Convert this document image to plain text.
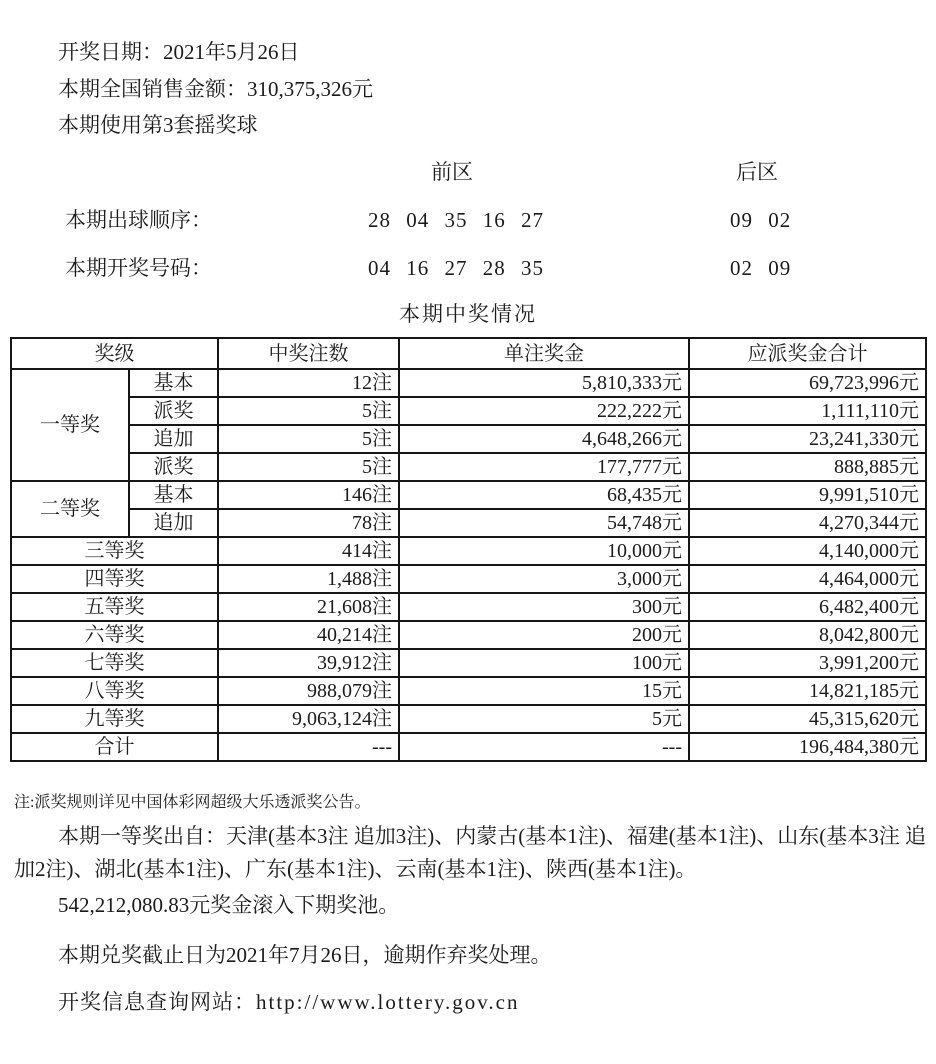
开奖日期：2021年5月26日
本期全国销售金额：310,375,326元
本期使用第3套摇奖球
前区	后区
本期出球顺序：	28 04 35 16 27	09 02
本期开奖号码：	04 16 27 28 35	02 09
本期中奖情况
奖级		中奖注数	单注奖金	应派奖金合计
一等奖	基本	12注	5,810,333元	69,723,996元
	派奖	5注	222,222元	1,111,110元
	追加	5注	4,648,266元	23,241,330元
	派奖	5注	177,777元	888,885元
二等奖	基本	146注	68,435元	9,991,510元
	追加	78注	54,748元	4,270,344元
三等奖		414注	10,000元	4,140,000元
四等奖		1,488注	3,000元	4,464,000元
五等奖		21,608注	300元	6,482,400元
六等奖		40,214注	200元	8,042,800元
七等奖		39,912注	100元	3,991,200元
八等奖		988,079注	15元	14,821,185元
九等奖		9,063,124注	5元	45,315,620元
合计		---	---	196,484,380元
注:派奖规则详见中国体彩网超级大乐透派奖公告。
本期一等奖出自：天津(基本3注 追加3注)、内蒙古(基本1注)、福建(基本1注)、山东(基本3注 追加2注)、湖北(基本1注)、广东(基本1注)、云南(基本1注)、陕西(基本1注)。
542,212,080.83元奖金滚入下期奖池。
本期兑奖截止日为2021年7月26日，逾期作弃奖处理。
开奖信息查询网站：http://www.lottery.gov.cn
